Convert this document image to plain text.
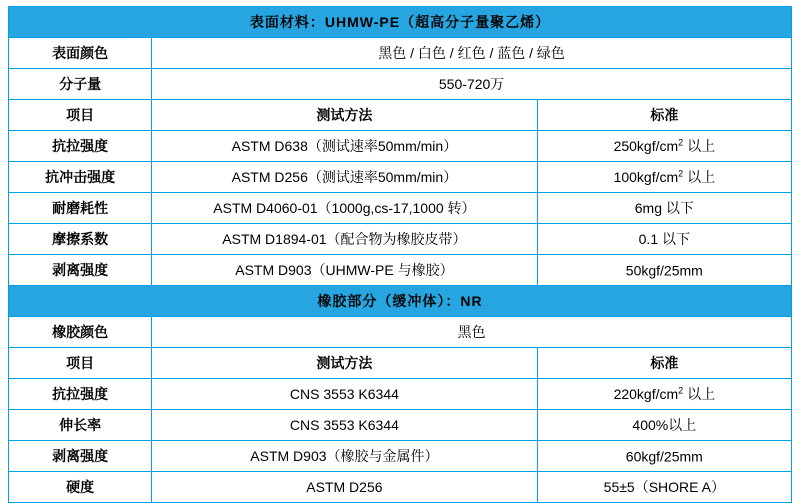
表面材料：UHMW-PE（超高分子量聚乙烯）		
表面颜色	黑色 / 白色 / 红色 / 蓝色 / 绿色	
分子量	550-720万	
项目	测试方法	标准
抗拉强度	ASTM D638（测试速率50mm/min）	$250kgf/cm^2$ 以上
抗冲击强度	ASTM D256（测试速率50mm/min）	$100kgf/cm^2$ 以上
耐磨耗性	ASTM D4060-01（1000g,cs-17,1000 转）	6mg 以下
摩擦系数	ASTM D1894-01（配合物为橡胶皮带）	0.1 以下
剥离强度	ASTM D903（UHMW-PE 与橡胶）	50kgf/25mm
橡胶部分（缓冲体）：NR		
橡胶颜色	黑色	
项目	测试方法	标准
抗拉强度	CNS 3553 K6344	$220kgf/cm^2$ 以上
伸长率	CNS 3553 K6344	400%以上
剥离强度	ASTM D903（橡胶与金属件）	60kgf/25mm
硬度	ASTM D256	55±5（SHORE A）
